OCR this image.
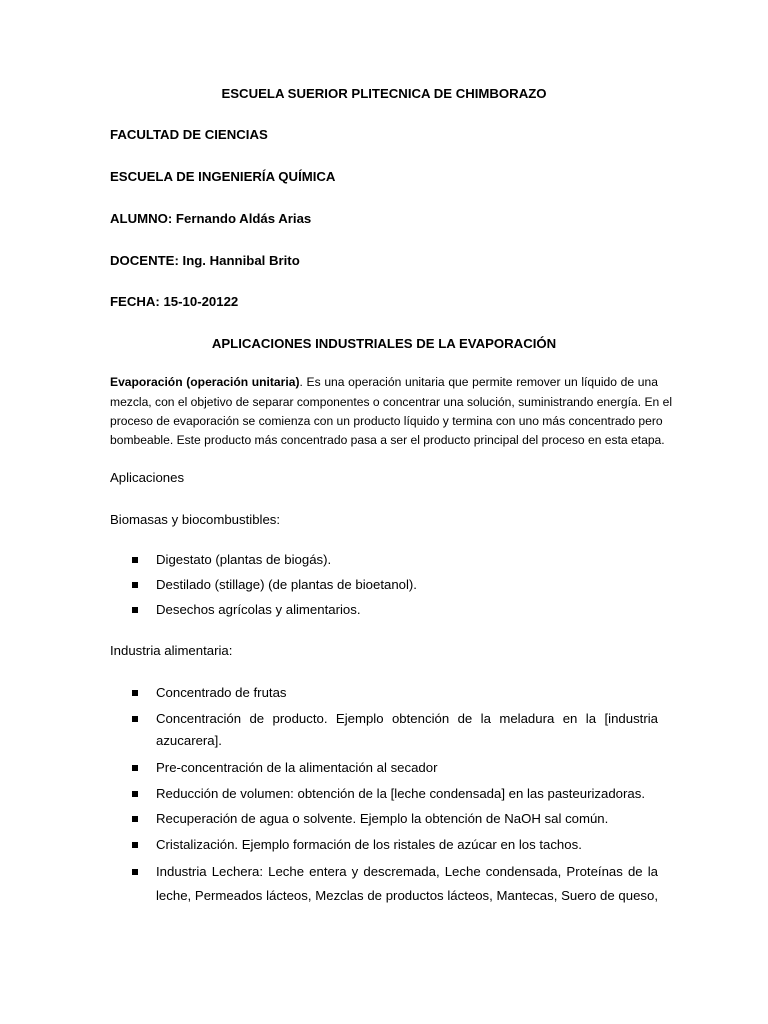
ESCUELA SUERIOR PLITECNICA DE CHIMBORAZO
FACULTAD DE CIENCIAS
ESCUELA DE INGENIERÍA QUÍMICA
ALUMNO: Fernando Aldás Arias
DOCENTE: Ing. Hannibal Brito
FECHA: 15-10-20122
APLICACIONES INDUSTRIALES DE LA EVAPORACIÓN
Evaporación (operación unitaria). Es una operación unitaria que permite remover un líquido de una
mezcla, con el objetivo de separar componentes o concentrar una solución, suministrando energía. En el
proceso de evaporación se comienza con un producto líquido y termina con uno más concentrado pero
bombeable. Este producto más concentrado pasa a ser el producto principal del proceso en esta etapa.
Aplicaciones
Biomasas y biocombustibles:
Digestato (plantas de biogás).
Destilado (stillage) (de plantas de bioetanol).
Desechos agrícolas y alimentarios.
Industria alimentaria:
Concentrado de frutas
Concentración de producto. Ejemplo obtención de la meladura en la [industria
azucarera].
Pre-concentración de la alimentación al secador
Reducción de volumen: obtención de la [leche condensada] en las pasteurizadoras.
Recuperación de agua o solvente. Ejemplo la obtención de NaOH sal común.
Cristalización. Ejemplo formación de los ristales de azúcar en los tachos.
Industria Lechera: Leche entera y descremada, Leche condensada, Proteínas de la
leche, Permeados lácteos, Mezclas de productos lácteos, Mantecas, Suero de queso,
